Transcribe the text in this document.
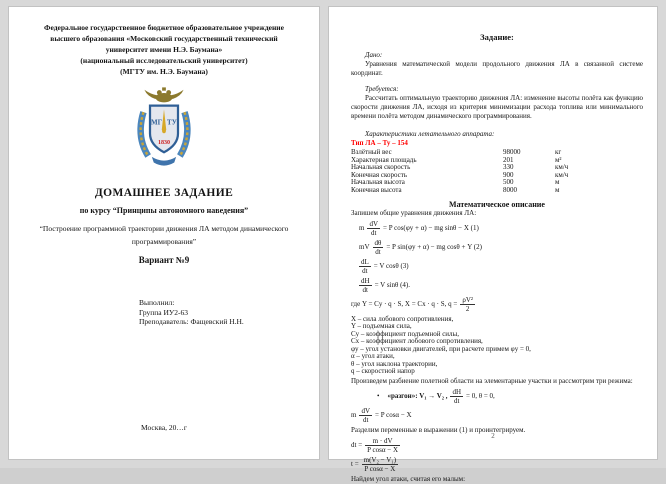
Федеральное государственное бюджетное образовательное учреждение
высшего образования «Московский государственный технический
университет имени Н.Э. Баумана»
(национальный исследовательский университет)
(МГТУ им. Н.Э. Баумана)
МГ ТУ
1830
ДОМАШНЕЕ ЗАДАНИЕ
по курсу “Принципы автономного наведения”
“Построение программной траектории движения ЛА методом динамического
программирования”
Вариант №9
Выполнил:
Группа ИУ2-63
Преподаватель: Фащевский Н.Н.
Москва, 20…г
Задание:
Дано:
Уравнения математической модели продольного движения ЛА в связанной системе координат.
Требуется:
Рассчитать оптимальную траекторию движения ЛА: изменение высоты полёта как функцию скорости движения ЛА, исходя из критерия минимизации расхода топлива или минимального времени полёта методом динамического программирования.
Характеристики летательного аппарата:
Тип ЛА – Ту – 154
Взлётный вес	98000	кг
Характерная площадь	201	м²
Начальная скорость	330	км/ч
Конечная скорость	900	км/ч
Начальная высота	500	м
Конечная высота	8000	м
Математическое описание
Запишем общие уравнения движения ЛА:
m $\frac{dV}{dt} = P$ cos(φy + α) − mg sinθ − X (1)
mV $\frac{d\theta}{dt} = P$ sin(φy + α) − mg cosθ + Y (2)
$\frac{dL}{dt} = V$ cosθ (3)
$\frac{dH}{dt} = V$ sinθ (4).
где Y = Cy · q · S, X = Cx · q · S, $q = \frac{\text{ρV²}}{2}$
X – сила лобового сопротивления,
Y – подъемная сила,
Cy – коэффициент подъемной силы,
Cx – коэффициент лобового сопротивления,
φy – угол установки двигателей, при расчете примем φy = 0,
α – угол атаки,
θ – угол наклона траектории,
q – скоростной напор
Произведем разбиение полетной области на элементарные участки и рассмотрим три режима:
• «разгон»: V₁ → V₂ , $\frac{dH}{dt} = 0$, θ = 0,
m $\frac{dV}{dt} = P$ cosα − X
Разделим переменные в выражении (1) и проинтегрируем.
dt = $\frac{m \cdot dV}{\text{P cosα − X}}$
$t = \frac{\text{m(V₂ − V₁)}}{\text{P cosα − X}}$
Найдем угол атаки, считая его малым:
2
